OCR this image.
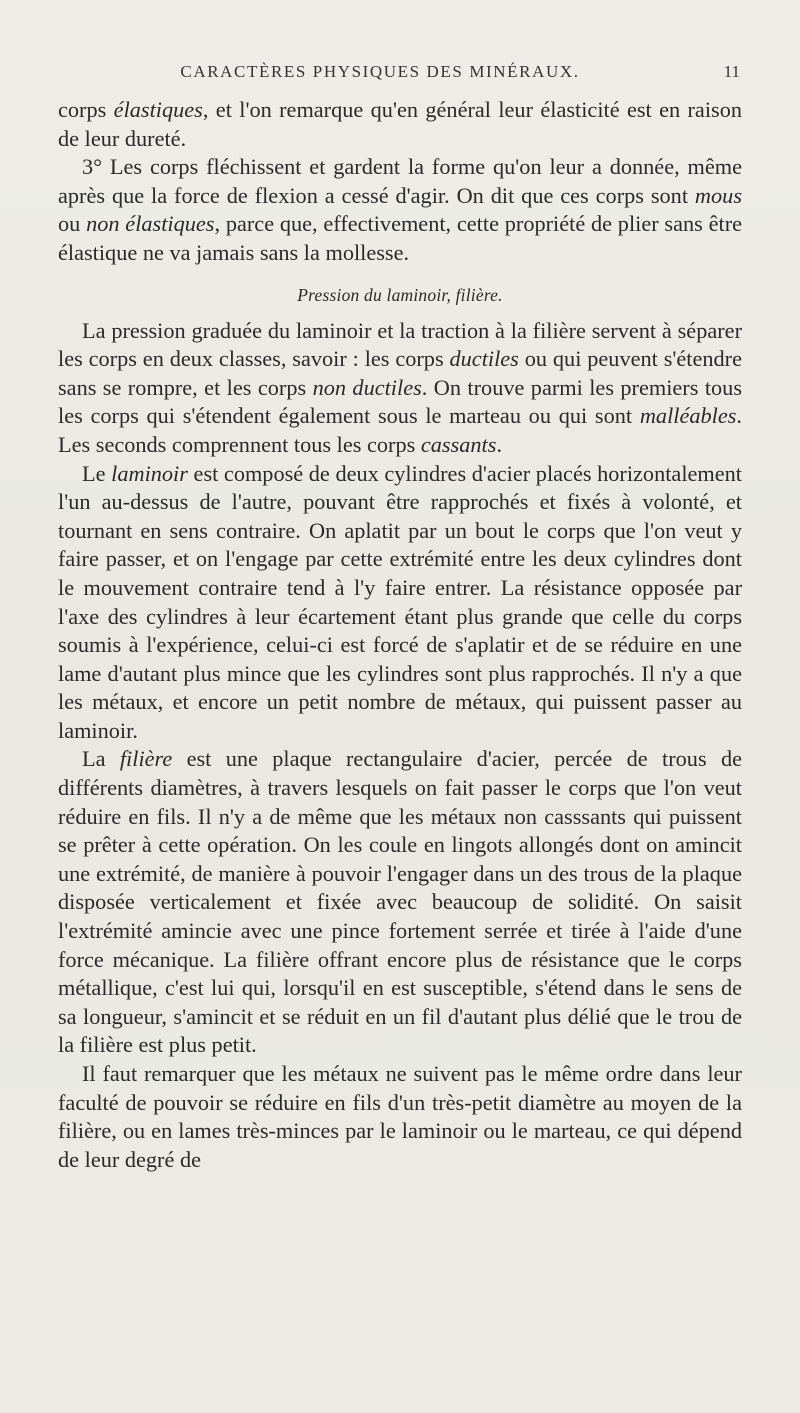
CARACTÈRES PHYSIQUES DES MINÉRAUX.	11

corps élastiques, et l'on remarque qu'en général leur élasticité est en raison de leur dureté.

3° Les corps fléchissent et gardent la forme qu'on leur a donnée, même après que la force de flexion a cessé d'agir. On dit que ces corps sont mous ou non élastiques, parce que, effectivement, cette propriété de plier sans être élastique ne va jamais sans la mollesse.

Pression du laminoir, filière.

La pression graduée du laminoir et la traction à la filière servent à séparer les corps en deux classes, savoir : les corps ductiles ou qui peuvent s'étendre sans se rompre, et les corps non ductiles. On trouve parmi les premiers tous les corps qui s'étendent également sous le marteau ou qui sont malléables. Les seconds comprennent tous les corps cassants.

Le laminoir est composé de deux cylindres d'acier placés horizontalement l'un au-dessus de l'autre, pouvant être rapprochés et fixés à volonté, et tournant en sens contraire. On aplatit par un bout le corps que l'on veut y faire passer, et on l'engage par cette extrémité entre les deux cylindres dont le mouvement contraire tend à l'y faire entrer. La résistance opposée par l'axe des cylindres à leur écartement étant plus grande que celle du corps soumis à l'expérience, celui-ci est forcé de s'aplatir et de se réduire en une lame d'autant plus mince que les cylindres sont plus rapprochés. Il n'y a que les métaux, et encore un petit nombre de métaux, qui puissent passer au laminoir.

La filière est une plaque rectangulaire d'acier, percée de trous de différents diamètres, à travers lesquels on fait passer le corps que l'on veut réduire en fils. Il n'y a de même que les métaux non casssants qui puissent se prêter à cette opération. On les coule en lingots allongés dont on amincit une extrémité, de manière à pouvoir l'engager dans un des trous de la plaque disposée verticalement et fixée avec beaucoup de solidité. On saisit l'extrémité amincie avec une pince fortement serrée et tirée à l'aide d'une force mécanique. La filière offrant encore plus de résistance que le corps métallique, c'est lui qui, lorsqu'il en est susceptible, s'étend dans le sens de sa longueur, s'amincit et se réduit en un fil d'autant plus délié que le trou de la filière est plus petit.

Il faut remarquer que les métaux ne suivent pas le même ordre dans leur faculté de pouvoir se réduire en fils d'un très-petit diamètre au moyen de la filière, ou en lames très-minces par le laminoir ou le marteau, ce qui dépend de leur degré de
